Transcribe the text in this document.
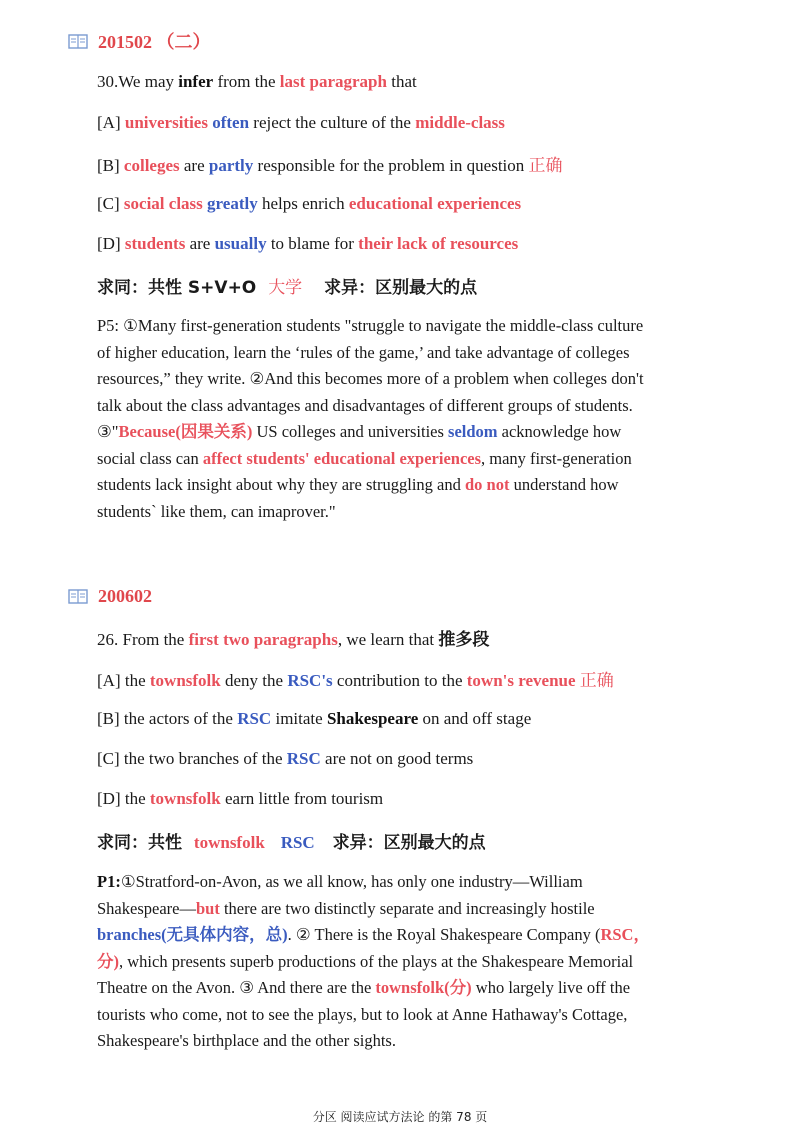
201502 （二）
30.We may infer from the last paragraph that
[A] universities often reject the culture of the middle-class
[B] colleges are partly responsible for the problem in question 正确
[C] social class greatly helps enrich educational experiences
[D] students are usually to blame for their lack of resources
求同：共性 S+V+O 大学 求异：区别最大的点

P5: ①Many first-generation students "struggle to navigate the middle-class culture

of higher education, learn the ‘rules of the game,’ and take advantage of colleges

resources,” they write. ②And this becomes more of a problem when colleges don't

talk about the class advantages and disadvantages of different groups of students.

③"Because(因果关系) US colleges and universities seldom acknowledge how

social class can affect students' educational experiences, many first-generation

students lack insight about why they are struggling and do not understand how

students` like them, can imaprover."

200602
26. From the first two paragraphs, we learn that 推多段
[A] the townsfolk deny the RSC's contribution to the town's revenue 正确
[B] the actors of the RSC imitate Shakespeare on and off stage
[C] the two branches of the RSC are not on good terms
[D] the townsfolk earn little from tourism
求同：共性 townsfolk RSC 求异：区别最大的点

P1:①Stratford-on-Avon, as we all know, has only one industry—William

Shakespeare—but there are two distinctly separate and increasingly hostile

branches(无具体内容，总). ② There is the Royal Shakespeare Company (RSC，

分), which presents superb productions of the plays at the Shakespeare Memorial

Theatre on the Avon. ③ And there are the townsfolk(分) who largely live off the

tourists who come, not to see the plays, but to look at Anne Hathaway's Cottage,

Shakespeare's birthplace and the other sights.

分区 阅读应试方法论 的第 78 页
